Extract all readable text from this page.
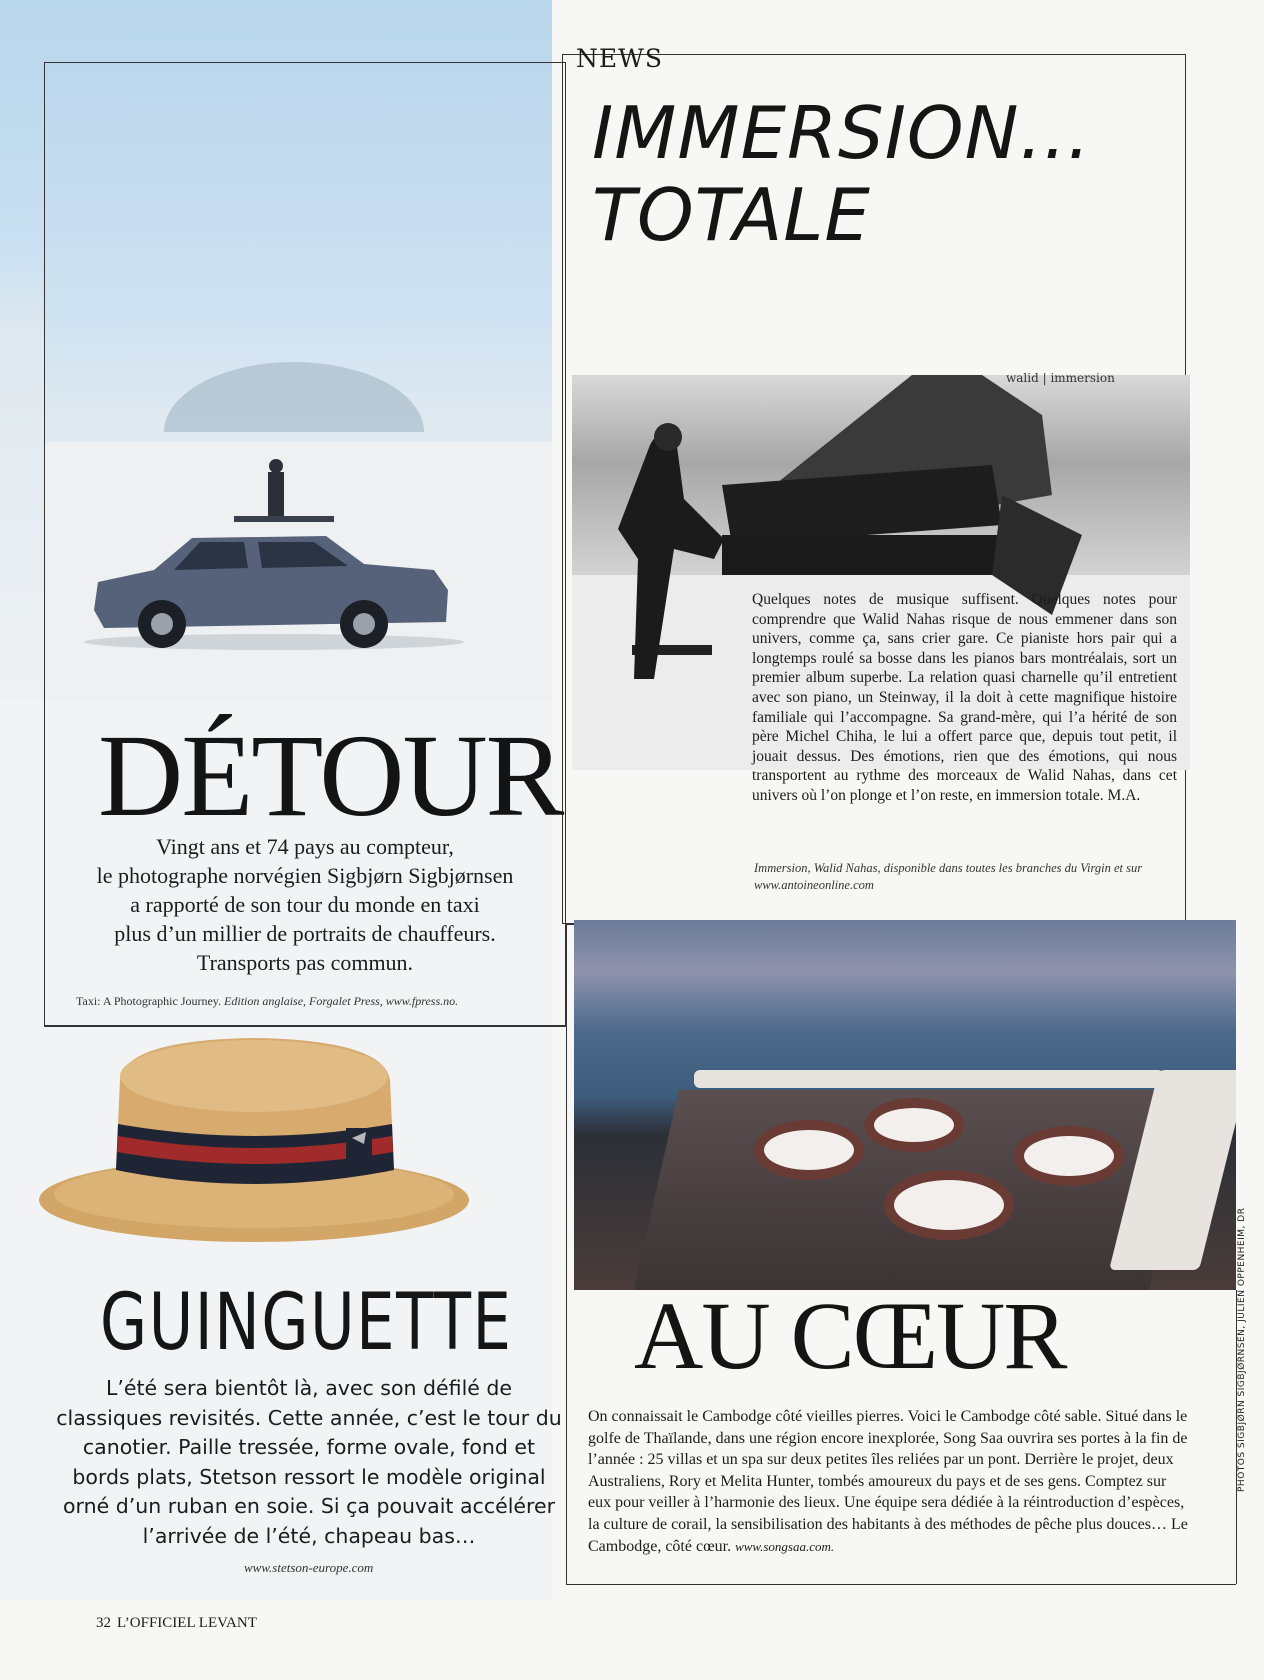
NEWS
IMMERSION...
TOTALE
walid | immersion

Quelques notes de musique suffisent. Quelques notes pour comprendre que Walid Nahas risque de nous emmener dans son univers, comme ça, sans crier gare. Ce pianiste hors pair qui a longtemps roulé sa bosse dans les pianos bars montréalais, sort un premier album superbe. La relation quasi charnelle qu’il entretient avec son piano, un Steinway, il la doit à cette magnifique histoire familiale qui l’accompagne. Sa grand-mère, qui l’a hérité de son père Michel Chiha, le lui a offert parce que, depuis tout petit, il jouait dessus. Des émotions, rien que des émotions, qui nous transportent au rythme des morceaux de Walid Nahas, dans cet univers où l’on plonge et l’on reste, en immersion totale. M.A.

Immersion, Walid Nahas, disponible dans toutes les branches du Virgin et sur www.antoineonline.com

DÉTOUR
Vingt ans et 74 pays au compteur,
le photographe norvégien Sigbjørn Sigbjørnsen
a rapporté de son tour du monde en taxi
plus d’un millier de portraits de chauffeurs.
Transports pas commun.
Taxi: A Photographic Journey. Edition anglaise, Forgalet Press, www.fpress.no.
GUINGUETTE

L’été sera bientôt là, avec son défilé de classiques revisités. Cette année, c’est le tour du canotier. Paille tressée, forme ovale, fond et bords plats, Stetson ressort le modèle original orné d’un ruban en soie. Si ça pouvait accélérer l’arrivée de l’été, chapeau bas…

www.stetson-europe.com
AU CŒUR

On connaissait le Cambodge côté vieilles pierres. Voici le Cambodge côté sable. Situé dans le golfe de Thaïlande, dans une région encore inexplorée, Song Saa ouvrira ses portes à la fin de l’année : 25 villas et un spa sur deux petites îles reliées par un pont. Derrière le projet, deux Australiens, Rory et Melita Hunter, tombés amoureux du pays et de ses gens. Comptez sur eux pour veiller à l’harmonie des lieux. Une équipe sera dédiée à la réintroduction d’espèces, la culture de corail, la sensibilisation des habitants à des méthodes de pêche plus douces… Le Cambodge, côté cœur. www.songsaa.com.

PHOTOS SIGBJØRN SIGBJØRNSEN, JULIEN OPPENHEIM, DR
32 L’OFFICIEL LEVANT
